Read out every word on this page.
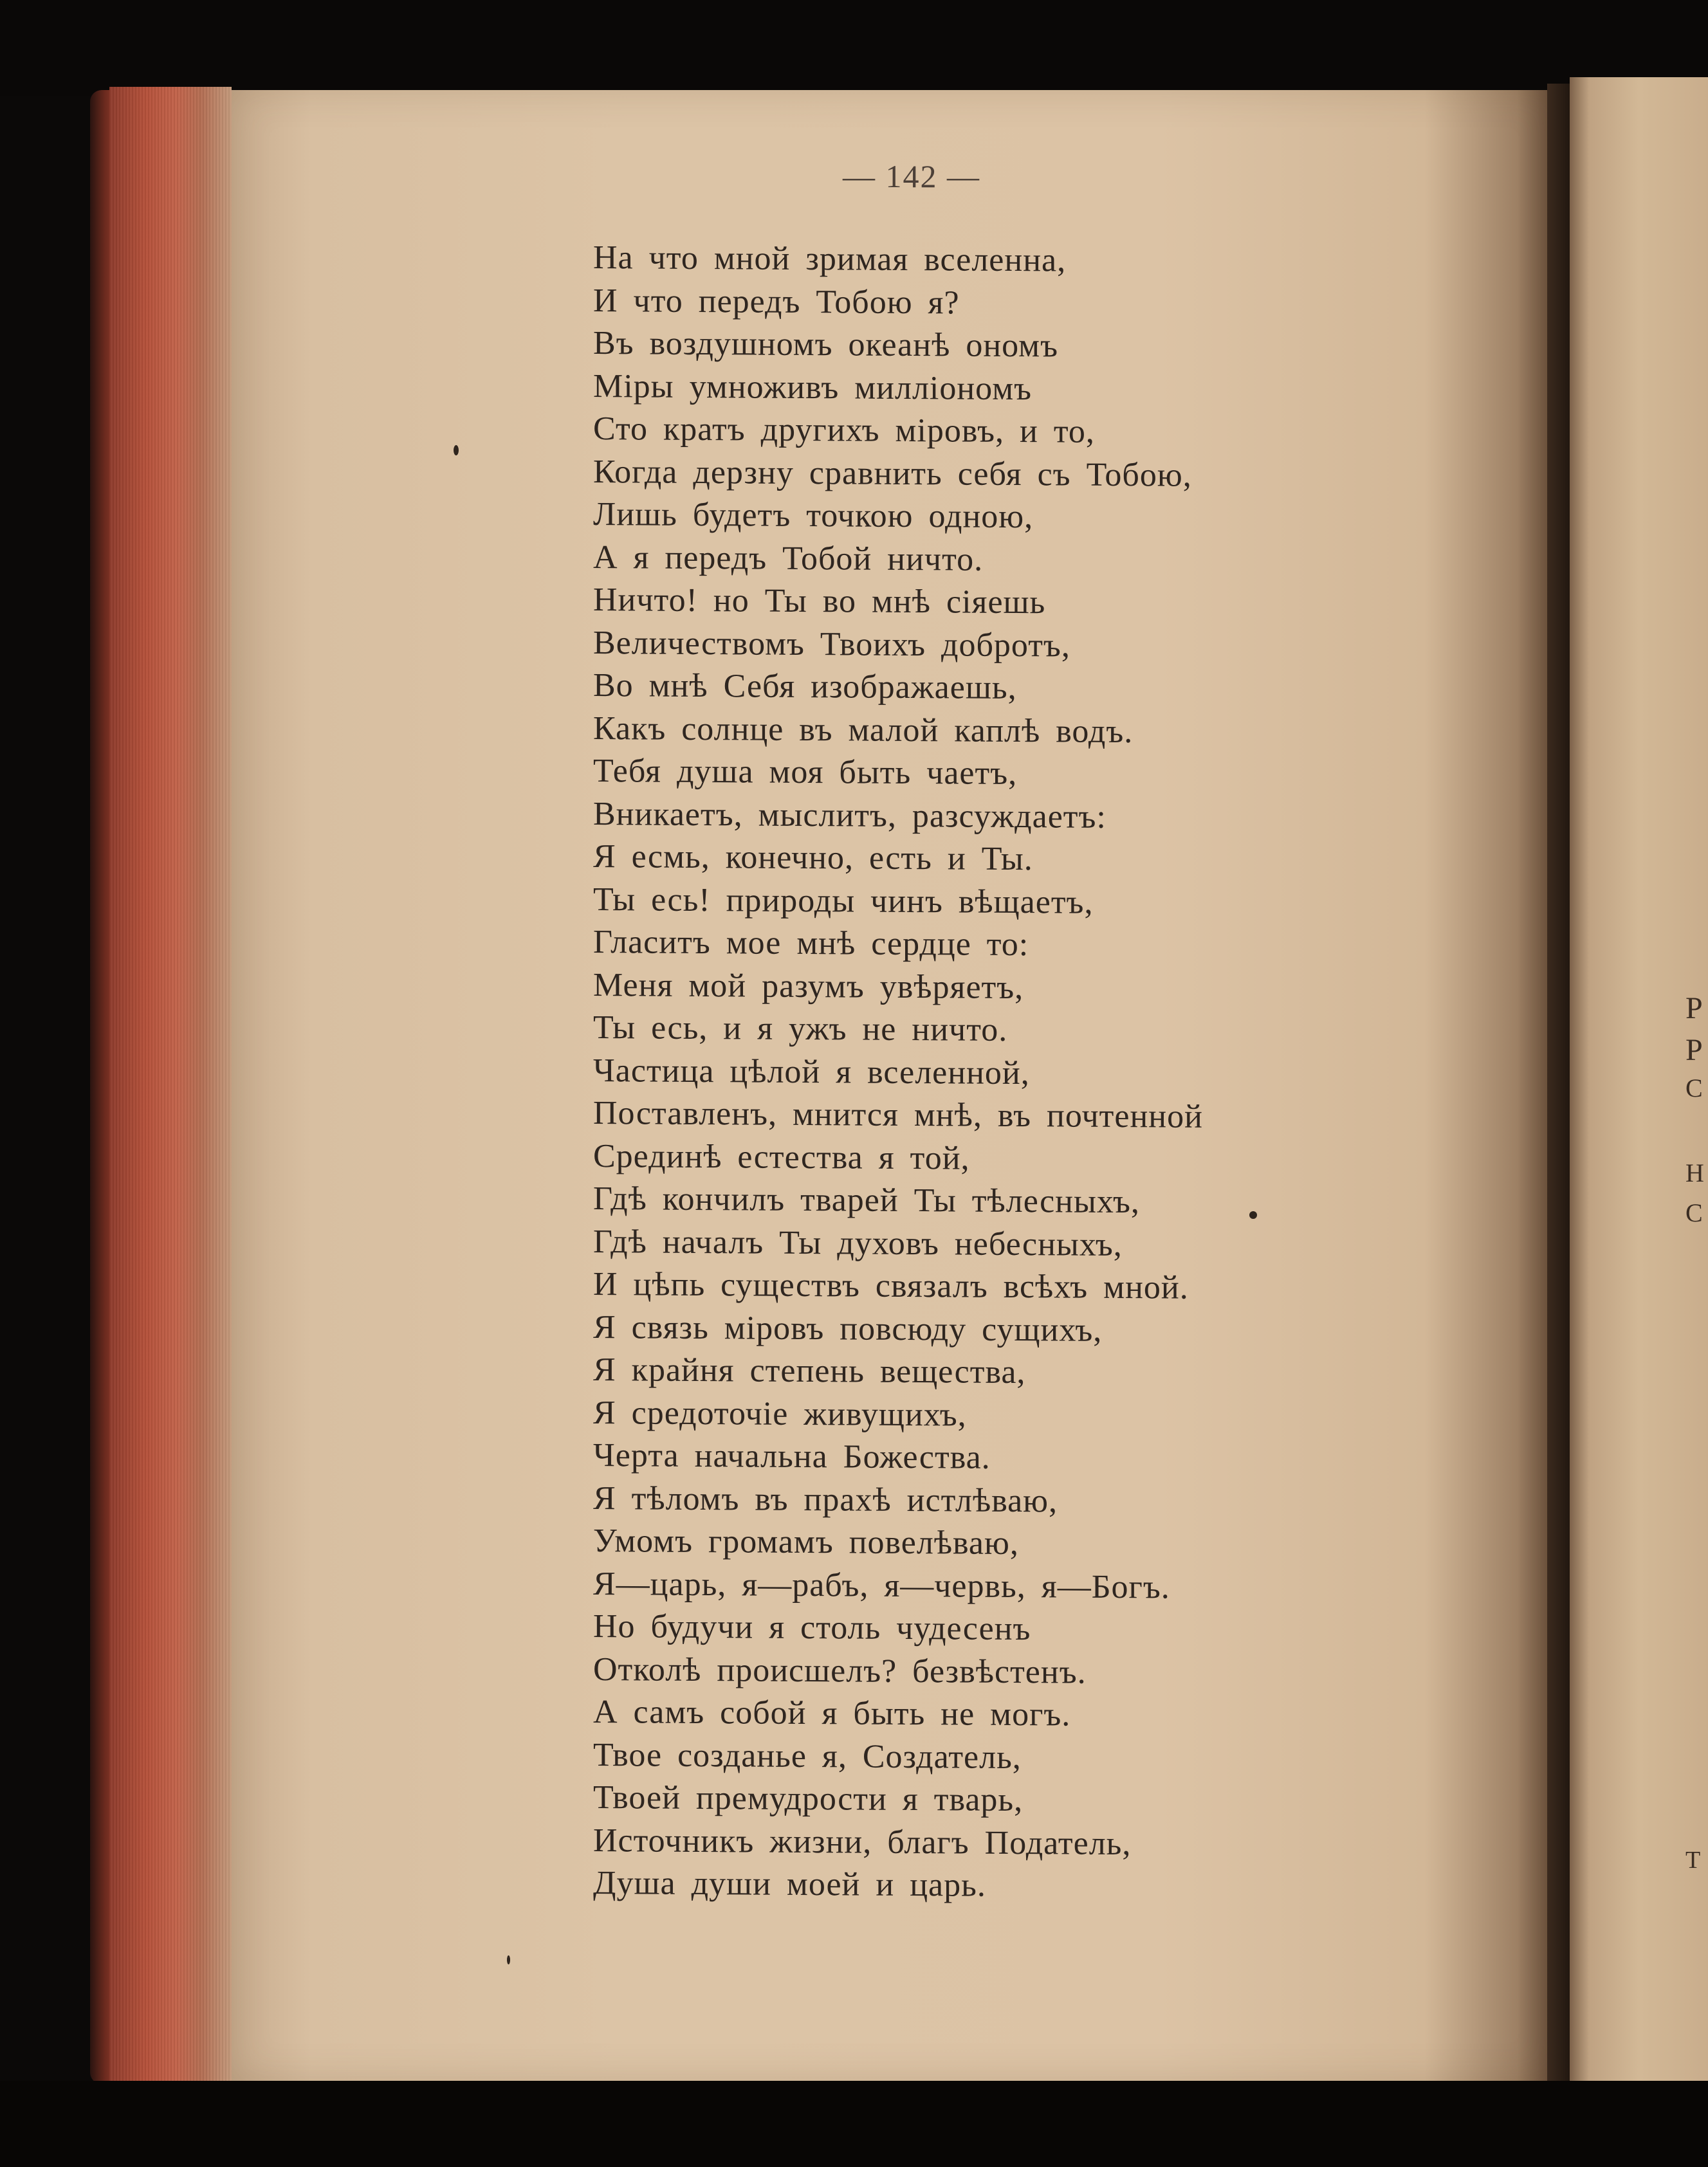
Р
Р
С
Н
С
Т
— 142 —
На что мной зримая вселенна,
И что передъ Тобою я?
Въ воздушномъ океанѣ ономъ
Міры умноживъ милліономъ
Сто кратъ другихъ міровъ, и то,
Когда дерзну сравнить себя съ Тобою,
Лишь будетъ точкою одною,
А я передъ Тобой ничто.
Ничто! но Ты во мнѣ сіяешь
Величествомъ Твоихъ добротъ,
Во мнѣ Себя изображаешь,
Какъ солнце въ малой каплѣ водъ.
Тебя душа моя быть чаетъ,
Вникаетъ, мыслитъ, разсуждаетъ:
Я есмь, конечно, есть и Ты.
Ты есь! природы чинъ вѣщаетъ,
Гласитъ мое мнѣ сердце то:
Меня мой разумъ увѣряетъ,
Ты есь, и я ужъ не ничто.
Частица цѣлой я вселенной,
Поставленъ, мнится мнѣ, въ почтенной
Срединѣ естества я той,
Гдѣ кончилъ тварей Ты тѣлесныхъ,
Гдѣ началъ Ты духовъ небесныхъ,
И цѣпь существъ связалъ всѣхъ мной.
Я связь міровъ повсюду сущихъ,
Я крайня степень вещества,
Я средоточіе живущихъ,
Черта начальна Божества.
Я тѣломъ въ прахѣ истлѣваю,
Умомъ громамъ повелѣваю,
Я—царь, я—рабъ, я—червь, я—Богъ.
Но будучи я столь чудесенъ
Отколѣ происшелъ? безвѣстенъ.
А самъ собой я быть не могъ.
Твое созданье я, Создатель,
Твоей премудрости я тварь,
Источникъ жизни, благъ Податель,
Душа души моей и царь.
